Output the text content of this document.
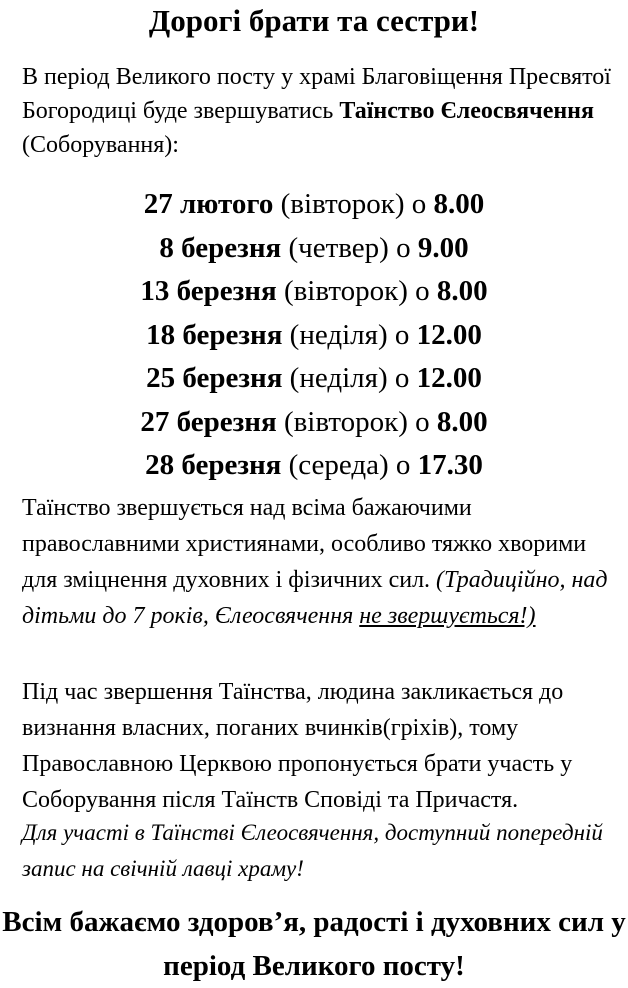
Дорогі брати та сестри!
В період Великого посту у храмі Благовіщення Пресвятої Богородиці буде звершуватись Таїнство Єлеосвячення (Соборування):
27 лютого (вівторок) о 8.00
8 березня (четвер) о 9.00
13 березня (вівторок) о 8.00
18 березня (неділя) о 12.00
25 березня (неділя) о 12.00
27 березня (вівторок) о 8.00
28 березня (середа) о 17.30
Таїнство звершується над всіма бажаючими православними християнами, особливо тяжко хворими для зміцнення духовних і фізичних сил. (Традиційно, над дітьми до 7 років, Єлеосвячення не звершується!)
Під час звершення Таїнства, людина закликається до визнання власних, поганих вчинків(гріхів), тому Православною Церквою пропонується брати участь у Соборування після Таїнств Сповіді та Причастя.
Для участі в Таїнстві Єлеосвячення, доступний попередній запис на свічній лавці храму!
Всім бажаємо здоров’я, радості і духовних сил у період Великого посту!
